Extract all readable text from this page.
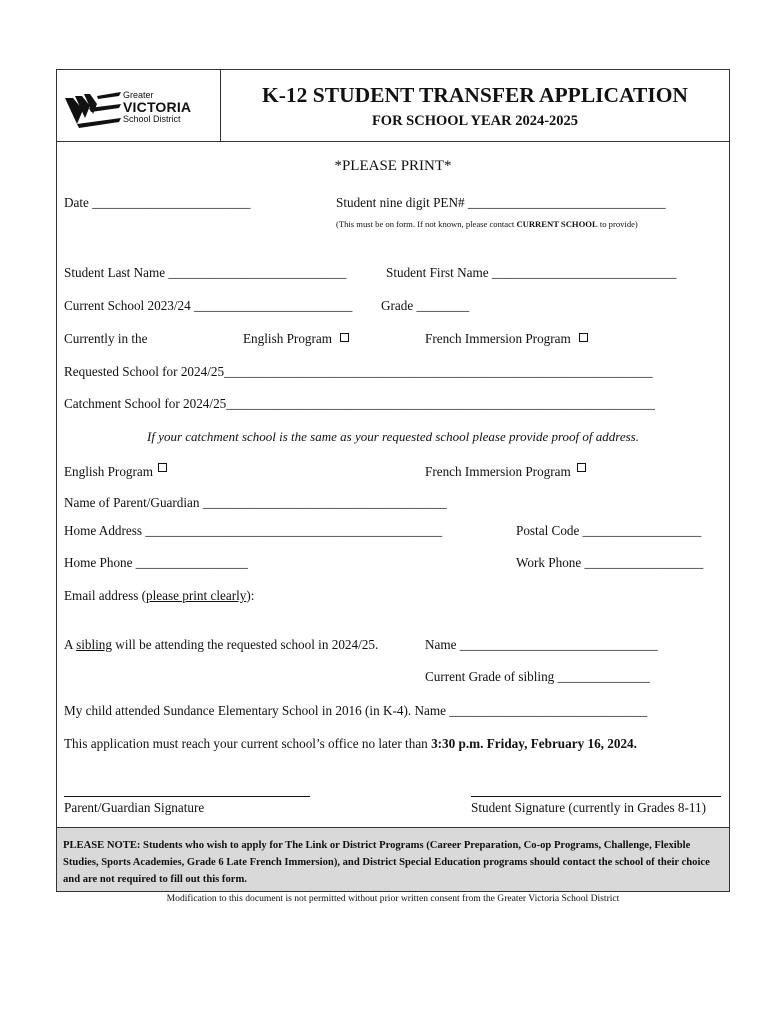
Greater
VICTORIA
School District
K-12 STUDENT TRANSFER APPLICATION
FOR SCHOOL YEAR 2024-2025
*PLEASE PRINT*
Date ________________________	Student nine digit PEN# ______________________________
(This must be on form. If not known, please contact CURRENT SCHOOL to provide)
Student Last Name ___________________________	Student First Name ____________________________
Current School 2023/24 ________________________ Grade ________
Currently in the	English Program	French Immersion Program
Requested School for 2024/25_________________________________________________________________
Catchment School for 2024/25_________________________________________________________________
If your catchment school is the same as your requested school please provide proof of address.
English Program	French Immersion Program
Name of Parent/Guardian _____________________________________
Home Address _____________________________________________	Postal Code __________________
Home Phone _________________	Work Phone __________________
Email address (please print clearly):
A sibling will be attending the requested school in 2024/25.	Name ______________________________
Current Grade of sibling ______________
My child attended Sundance Elementary School in 2016 (in K-4). Name ______________________________
This application must reach your current school’s office no later than 3:30 p.m. Friday, February 16, 2024.
Parent/Guardian Signature	Student Signature (currently in Grades 8-11)

PLEASE NOTE: Students who wish to apply for The Link or District Programs (Career Preparation, Co-op Programs, Challenge, Flexible Studies, Sports Academies, Grade 6 Late French Immersion), and District Special Education programs should contact the school of their choice and are not required to fill out this form.

Modification to this document is not permitted without prior written consent from the Greater Victoria School District
